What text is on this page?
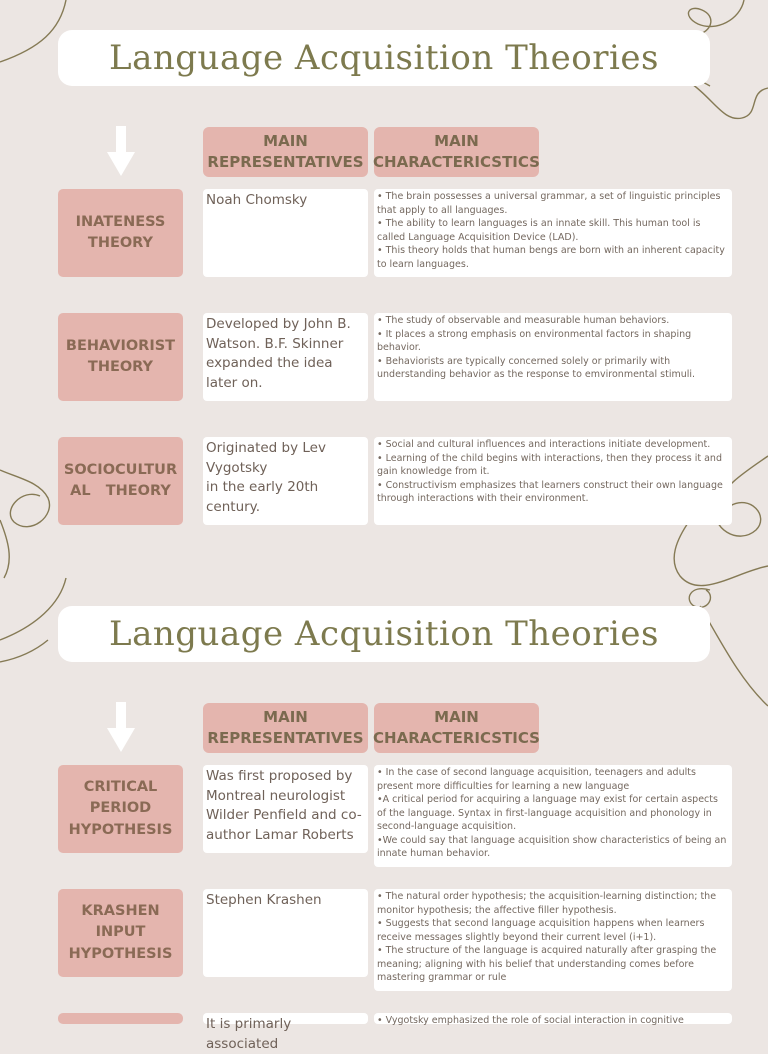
Language Acquisition Theories
MAIN
REPRESENTATIVES
MAIN
CHARACTERICSTICS
INATENESS
THEORY

Noah Chomsky	• The brain possesses a universal grammar, a set of linguistic principles that apply to all languages.

• The ability to learn languages is an innate skill. This human tool is called Language Acquisition Device (LAD).

• This theory holds that human bengs are born with an inherent capacity to learn languages.

BEHAVIORIST
THEORY

Developed by John B. Watson. B.F. Skinner expanded the idea later on.

• The study of observable and measurable human behaviors.

• It places a strong emphasis on environmental factors in shaping behavior.

• Behaviorists are typically concerned solely or primarily with understanding behavior as the response to emvironmental stimuli.

SOCIOCULTUR
AL   THEORY

Originated by Lev Vygotsky

in the early 20th century.

• Social and cultural influences and interactions initiate development.

• Learning of the child begins with interactions, then they process it and gain knowledge from it.

• Constructivism emphasizes that learners construct their own language through interactions with their environment.

Language Acquisition Theories
MAIN
REPRESENTATIVES
MAIN
CHARACTERICSTICS
CRITICAL
PERIOD
HYPOTHESIS

Was first proposed by Montreal neurologist Wilder Penfield and co-author Lamar Roberts

• In the case of second language acquisition, teenagers and adults present more difficulties for learning a new language

•A critical period for acquiring a language may exist for certain aspects of the language. Syntax in first-language acquisition and phonology in second-language acquisition.

•We could say that language acquisition show characteristics of being an innate human behavior.

KRASHEN
INPUT
HYPOTHESIS

Stephen Krashen	• The natural order hypothesis; the acquisition-learning distinction; the monitor hypothesis; the affective filler hypothesis.

• Suggests that second language acquisition happens when learners receive messages slightly beyond their current level (i+1).

• The structure of the language is acquired naturally after grasping the meaning; aligning with his belief that understanding comes before mastering grammar or rule

It is primarly associated

• Vygotsky emphasized the role of social interaction in cognitive
